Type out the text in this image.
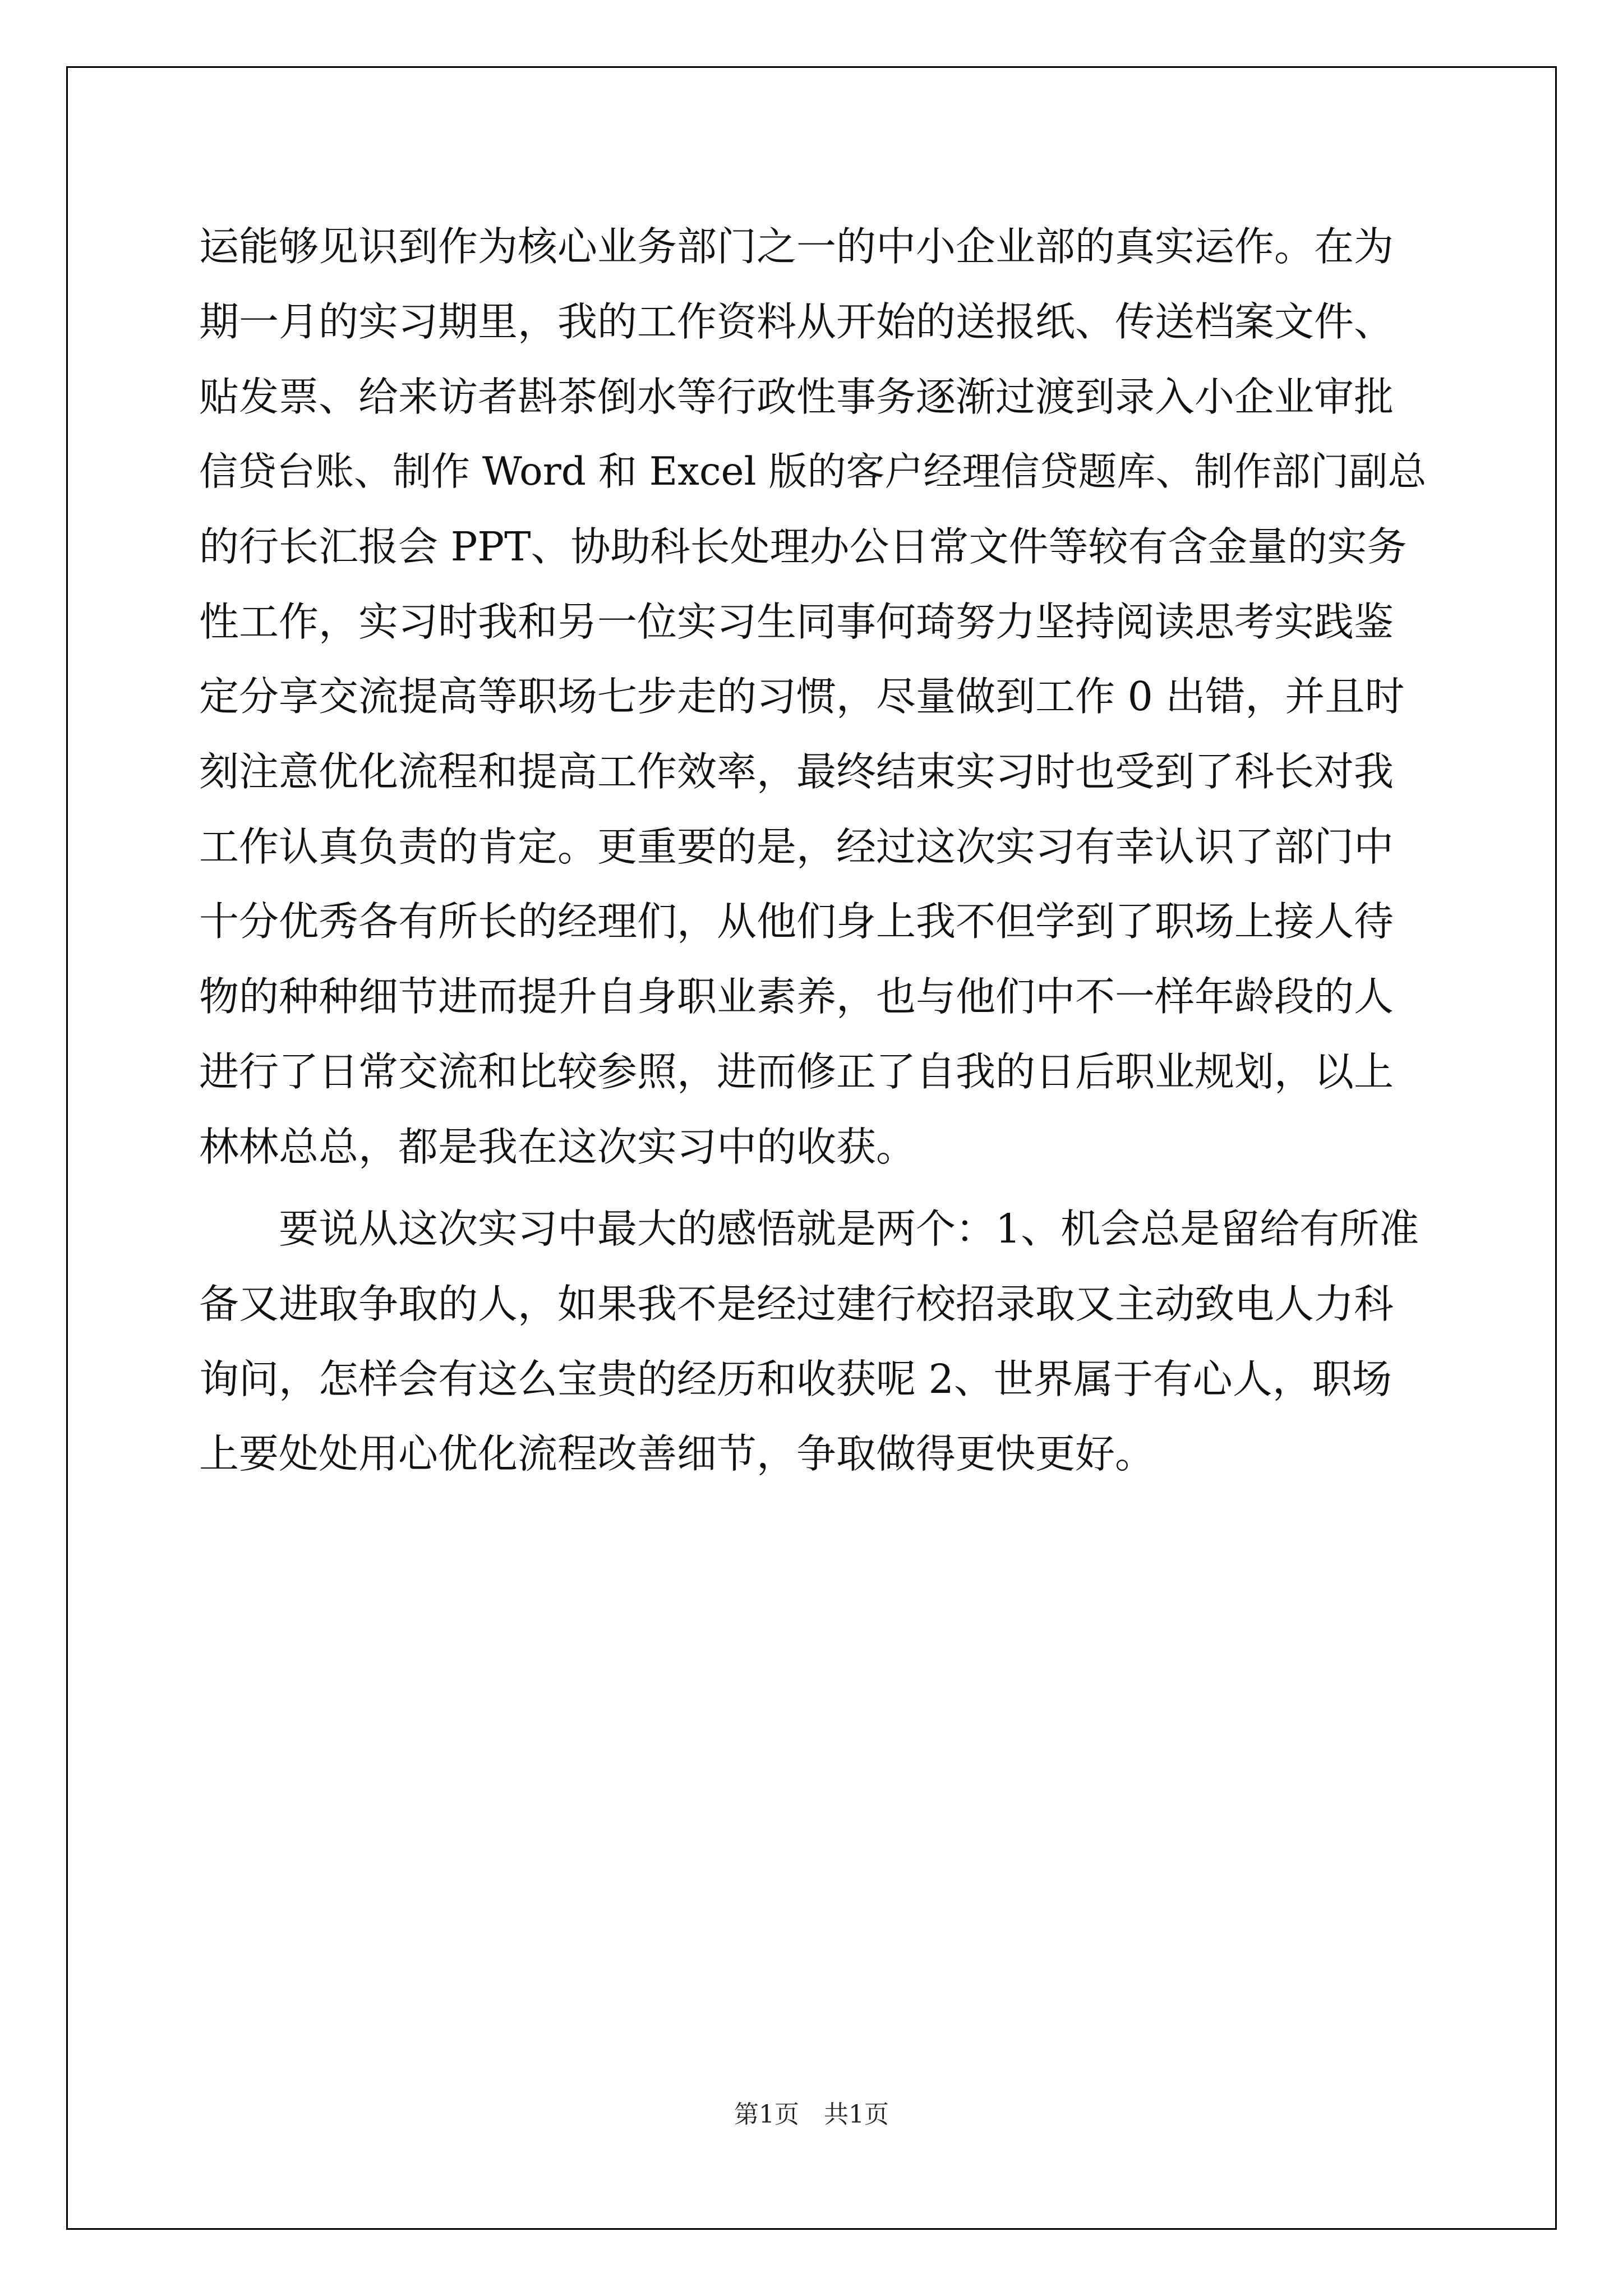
运能够见识到作为核心业务部门之一的中小企业部的真实运作。在为
期一月的实习期里，我的工作资料从开始的送报纸、传送档案文件、
贴发票、给来访者斟茶倒水等行政性事务逐渐过渡到录入小企业审批
信贷台账、制作 Word 和 Excel 版的客户经理信贷题库、制作部门副总
的行长汇报会 PPT、协助科长处理办公日常文件等较有含金量的实务
性工作，实习时我和另一位实习生同事何琦努力坚持阅读思考实践鉴
定分享交流提高等职场七步走的习惯，尽量做到工作 0 出错，并且时
刻注意优化流程和提高工作效率，最终结束实习时也受到了科长对我
工作认真负责的肯定。更重要的是，经过这次实习有幸认识了部门中
十分优秀各有所长的经理们，从他们身上我不但学到了职场上接人待
物的种种细节进而提升自身职业素养，也与他们中不一样年龄段的人
进行了日常交流和比较参照，进而修正了自我的日后职业规划，以上
林林总总，都是我在这次实习中的收获。
要说从这次实习中最大的感悟就是两个：1、机会总是留给有所准
备又进取争取的人，如果我不是经过建行校招录取又主动致电人力科
询问，怎样会有这么宝贵的经历和收获呢 2、世界属于有心人，职场
上要处处用心优化流程改善细节，争取做得更快更好。
第1页　共1页
